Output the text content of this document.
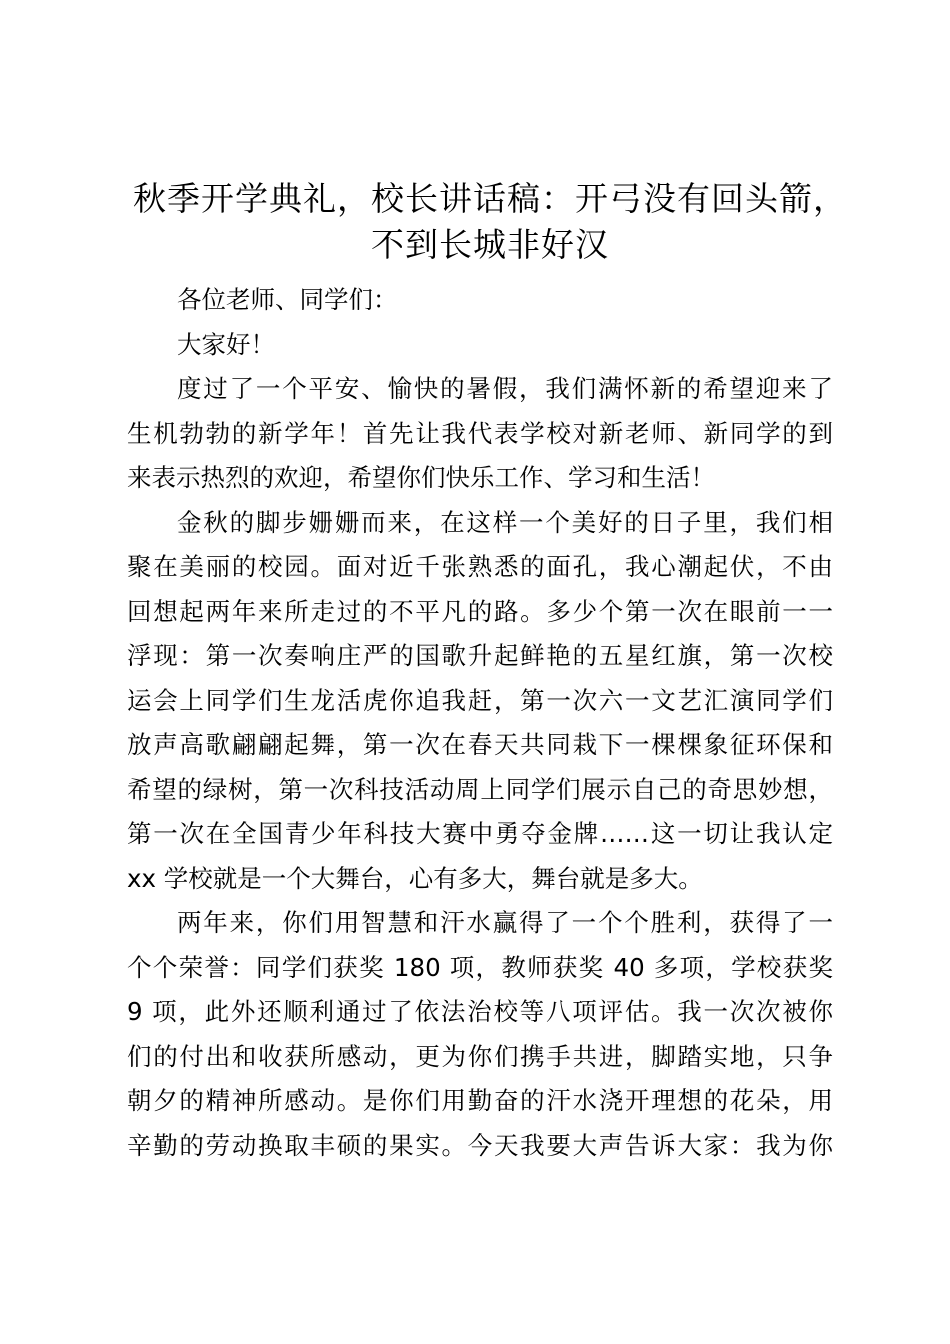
秋季开学典礼，校长讲话稿：开弓没有回头箭，
不到长城非好汉

各位老师、同学们：

大家好！

度过了一个平安、愉快的暑假，我们满怀新的希望迎来了
生机勃勃的新学年！首先让我代表学校对新老师、新同学的到
来表示热烈的欢迎，希望你们快乐工作、学习和生活！

金秋的脚步姗姗而来，在这样一个美好的日子里，我们相
聚在美丽的校园。面对近千张熟悉的面孔，我心潮起伏，不由
回想起两年来所走过的不平凡的路。多少个第一次在眼前一一
浮现：第一次奏响庄严的国歌升起鲜艳的五星红旗，第一次校
运会上同学们生龙活虎你追我赶，第一次六一文艺汇演同学们
放声高歌翩翩起舞，第一次在春天共同栽下一棵棵象征环保和
希望的绿树，第一次科技活动周上同学们展示自己的奇思妙想，
第一次在全国青少年科技大赛中勇夺金牌……这一切让我认定
xx 学校就是一个大舞台，心有多大，舞台就是多大。

两年来，你们用智慧和汗水赢得了一个个胜利，获得了一
个个荣誉：同学们获奖 180 项，教师获奖 40 多项，学校获奖
9 项，此外还顺利通过了依法治校等八项评估。我一次次被你
们的付出和收获所感动，更为你们携手共进，脚踏实地，只争
朝夕的精神所感动。是你们用勤奋的汗水浇开理想的花朵，用
辛勤的劳动换取丰硕的果实。今天我要大声告诉大家：我为你
